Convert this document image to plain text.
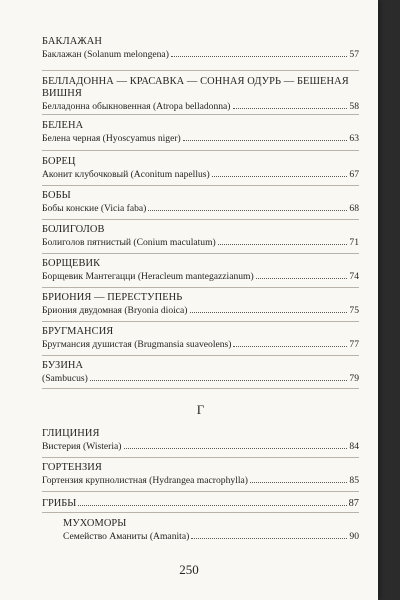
БАКЛАЖАН
Баклажан (Solanum melongena)	57
БЕЛЛАДОННА — КРАСАВКА — СОННАЯ ОДУРЬ — БЕШЕНАЯ ВИШНЯ
Белладонна обыкновенная (Atropa belladonna)	58
БЕЛЕНА
Белена черная (Hyoscyamus niger)	63
БОРЕЦ
Аконит клубочковый (Aconitum napellus)	67
БОБЫ
Бобы конские (Vicia faba)	68
БОЛИГОЛОВ
Болиголов пятнистый (Conium maculatum)	71
БОРЩЕВИК
Борщевик Мантегацци (Heracleum mantegazzianum)	74
БРИОНИЯ — ПЕРЕСТУПЕНЬ
Бриония двудомная (Bryonia dioica)	75
БРУГМАНСИЯ
Бругмансия душистая (Brugmansia suaveolens)	77
БУЗИНА
(Sambucus)	79
Г
ГЛИЦИНИЯ
Вистерия (Wisteria)	84
ГОРТЕНЗИЯ
Гортензия крупнолистная (Hydrangea macrophylla)	85
ГРИБЫ	87
МУХОМОРЫ
Семейство Аманиты (Amanita)	90
250
